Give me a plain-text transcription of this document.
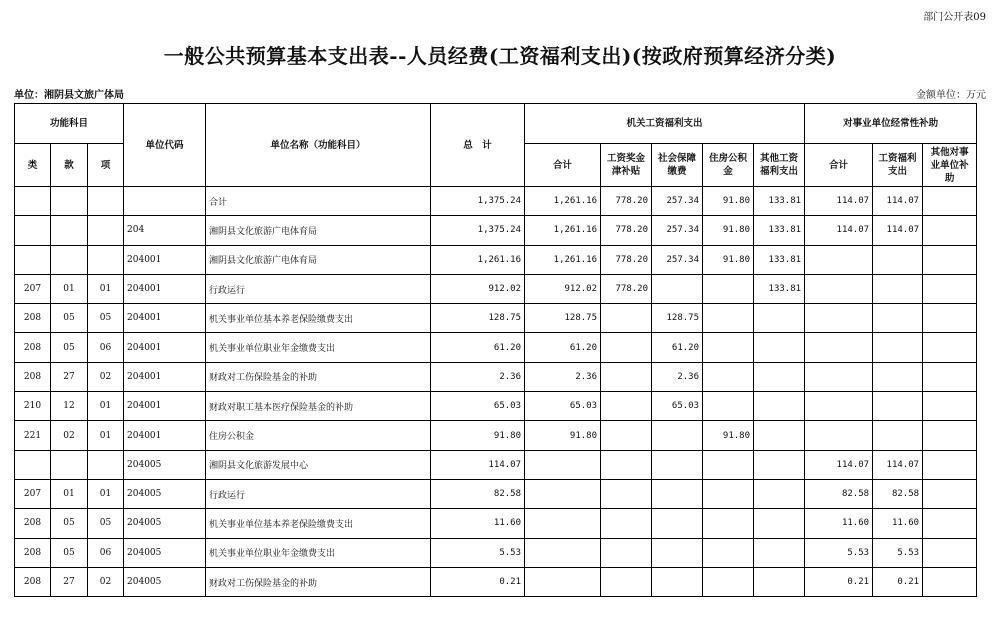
部门公开表09
一般公共预算基本支出表--人员经费(工资福利支出)(按政府预算经济分类)
单位：湘阴县文旅广体局	金额单位：万元
功能科目			单位代码	单位名称（功能科目）	总　计	机关工资福利支出					对事业单位经常性补助		
类	款	项				合计	工资奖金津补贴	社会保障缴费	住房公积金	其他工资福利支出	合计	工资福利支出	其他对事业单位补助
				合计	1,375.24	1,261.16	778.20	257.34	91.80	133.81	114.07	114.07	
			204	湘阴县文化旅游广电体育局	1,375.24	1,261.16	778.20	257.34	91.80	133.81	114.07	114.07	
			204001	湘阴县文化旅游广电体育局	1,261.16	1,261.16	778.20	257.34	91.80	133.81			
207	01	01	204001	行政运行	912.02	912.02	778.20			133.81			
208	05	05	204001	机关事业单位基本养老保险缴费支出	128.75	128.75		128.75					
208	05	06	204001	机关事业单位职业年金缴费支出	61.20	61.20		61.20					
208	27	02	204001	财政对工伤保险基金的补助	2.36	2.36		2.36					
210	12	01	204001	财政对职工基本医疗保险基金的补助	65.03	65.03		65.03					
221	02	01	204001	住房公积金	91.80	91.80			91.80				
			204005	湘阴县文化旅游发展中心	114.07						114.07	114.07	
207	01	01	204005	行政运行	82.58						82.58	82.58	
208	05	05	204005	机关事业单位基本养老保险缴费支出	11.60						11.60	11.60	
208	05	06	204005	机关事业单位职业年金缴费支出	5.53						5.53	5.53	
208	27	02	204005	财政对工伤保险基金的补助	0.21						0.21	0.21	
